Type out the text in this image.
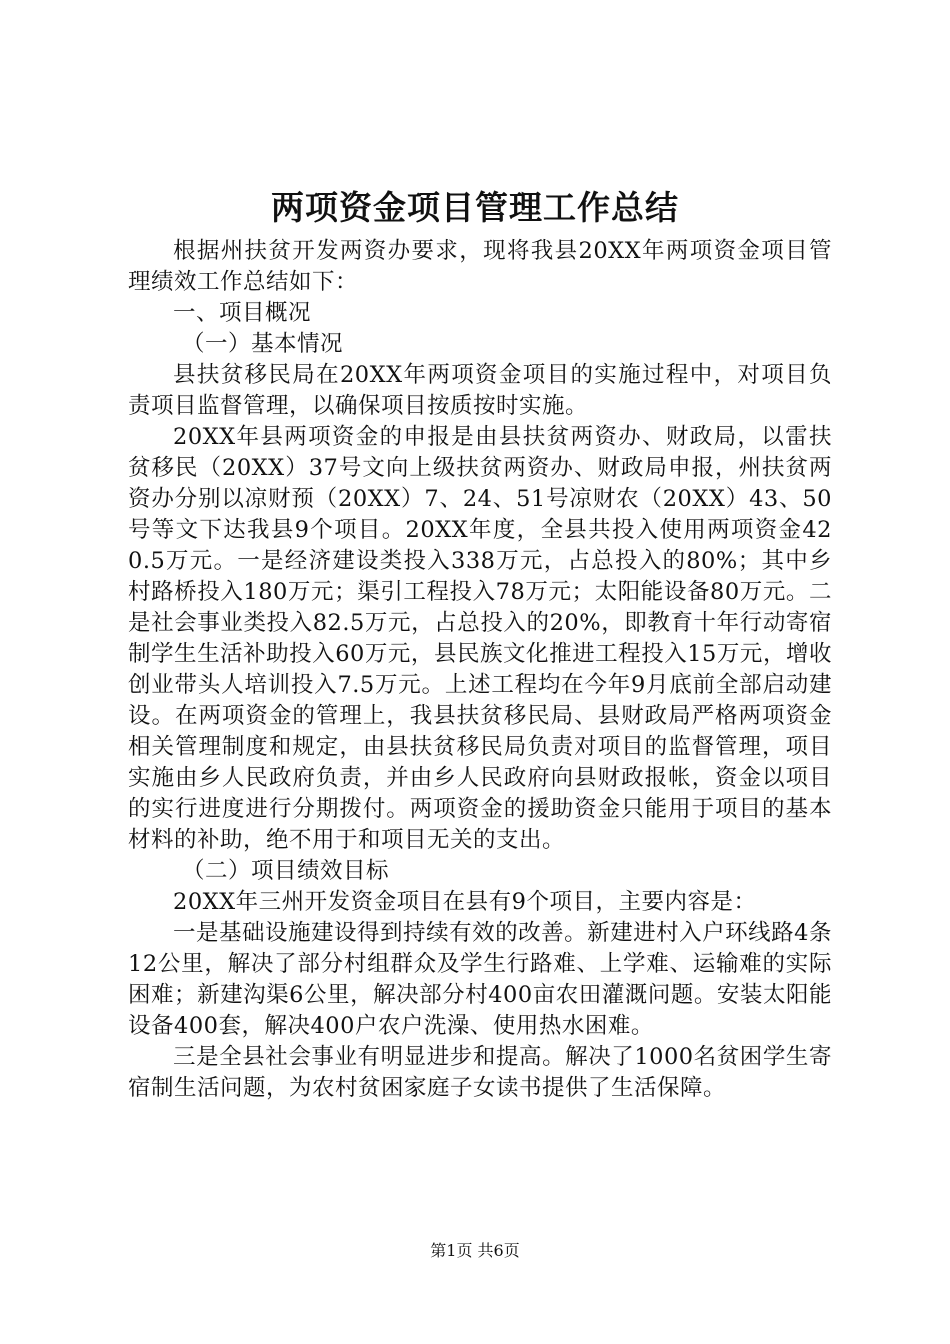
两项资金项目管理工作总结

根据州扶贫开发两资办要求，现将我县20XX年两项资金项目管理绩效工作总结如下：

一、项目概况

（一）基本情况

县扶贫移民局在20XX年两项资金项目的实施过程中，对项目负责项目监督管理，以确保项目按质按时实施。

20XX年县两项资金的申报是由县扶贫两资办、财政局，以雷扶贫移民（20XX）37号文向上级扶贫两资办、财政局申报，州扶贫两资办分别以凉财预（20XX）7、24、51号凉财农（20XX）43、50号等文下达我县9个项目。20XX年度，全县共投入使用两项资金420.5万元。一是经济建设类投入338万元，占总投入的80%；其中乡村路桥投入180万元；渠引工程投入78万元；太阳能设备80万元。二是社会事业类投入82.5万元，占总投入的20%，即教育十年行动寄宿制学生生活补助投入60万元，县民族文化推进工程投入15万元，增收创业带头人培训投入7.5万元。上述工程均在今年9月底前全部启动建设。在两项资金的管理上，我县扶贫移民局、县财政局严格两项资金相关管理制度和规定，由县扶贫移民局负责对项目的监督管理，项目实施由乡人民政府负责，并由乡人民政府向县财政报帐，资金以项目的实行进度进行分期拨付。两项资金的援助资金只能用于项目的基本材料的补助，绝不用于和项目无关的支出。

（二）项目绩效目标

20XX年三州开发资金项目在县有9个项目，主要内容是：

一是基础设施建设得到持续有效的改善。新建进村入户环线路4条12公里，解决了部分村组群众及学生行路难、上学难、运输难的实际困难；新建沟渠6公里，解决部分村400亩农田灌溉问题。安装太阳能设备400套，解决400户农户洗澡、使用热水困难。

三是全县社会事业有明显进步和提高。解决了1000名贫困学生寄宿制生活问题，为农村贫困家庭子女读书提供了生活保障。

第1页 共6页
